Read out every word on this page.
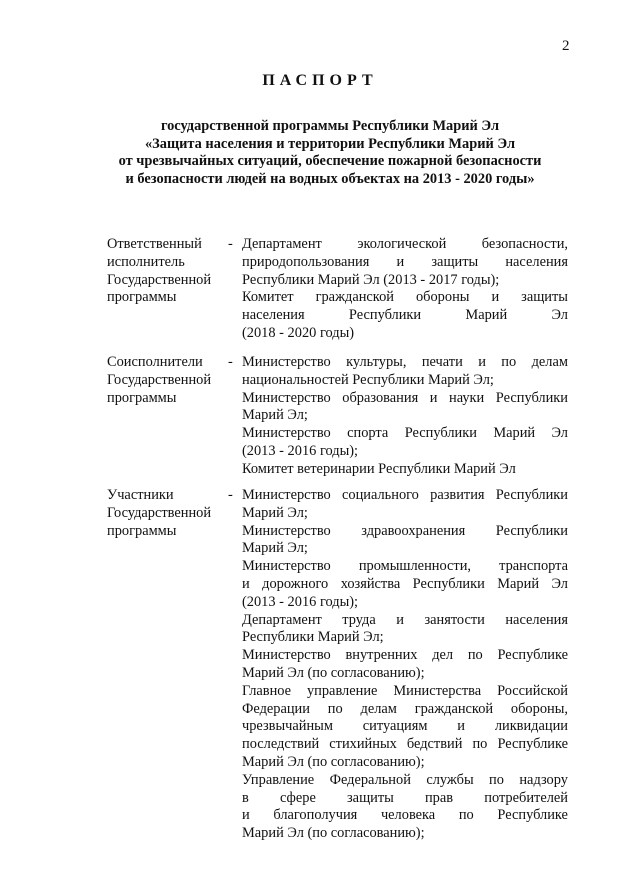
2
ПАСПОРТ
государственной программы Республики Марий Эл
«Защита населения и территории Республики Марий Эл
от чрезвычайных ситуаций, обеспечение пожарной безопасности
и безопасности людей на водных объектах на 2013 - 2020 годы»
Ответственный
исполнитель
Государственной
программы
- Департамент экологической безопасности,
природопользования и защиты населения
Республики Марий Эл (2013 - 2017 годы);
Комитет гражданской обороны и защиты
населения	Республики	Марий	Эл
(2018 - 2020 годы)
Соисполнители
Государственной
программы
- Министерство культуры, печати и по делам
национальностей Республики Марий Эл;
Министерство образования и науки Республики
Марий Эл;
Министерство спорта Республики Марий Эл
(2013 - 2016 годы);
Комитет ветеринарии Республики Марий Эл
Участники
Государственной
программы
- Министерство социального развития Республики
Марий Эл;
Министерство здравоохранения Республики
Марий Эл;
Министерство промышленности, транспорта
и дорожного хозяйства Республики Марий Эл
(2013 - 2016 годы);
Департамент труда и занятости населения
Республики Марий Эл;
Министерство внутренних дел по Республике
Марий Эл (по согласованию);
Главное управление Министерства Российской
Федерации по делам гражданской обороны,
чрезвычайным ситуациям и ликвидации
последствий стихийных бедствий по Республике
Марий Эл (по согласованию);
Управление Федеральной службы по надзору
в сфере защиты прав потребителей
и благополучия человека по Республике
Марий Эл (по согласованию);
